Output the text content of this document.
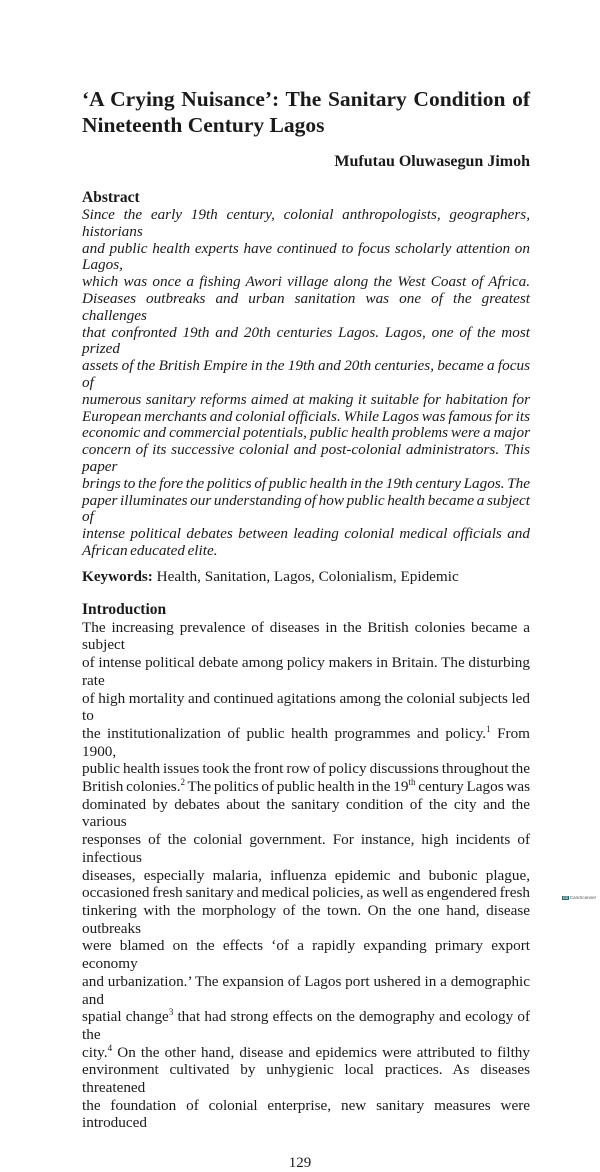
‘A Crying Nuisance’: The Sanitary Condition of
Nineteenth Century Lagos
Mufutau Oluwasegun Jimoh
Abstract
Since the early 19th century, colonial anthropologists, geographers, historians
and public health experts have continued to focus scholarly attention on Lagos,
which was once a fishing Awori village along the West Coast of Africa.
Diseases outbreaks and urban sanitation was one of the greatest challenges
that confronted 19th and 20th centuries Lagos. Lagos, one of the most prized
assets of the British Empire in the 19th and 20th centuries, became a focus of
numerous sanitary reforms aimed at making it suitable for habitation for
European merchants and colonial officials. While Lagos was famous for its
economic and commercial potentials, public health problems were a major
concern of its successive colonial and post-colonial administrators. This paper
brings to the fore the politics of public health in the 19th century Lagos. The
paper illuminates our understanding of how public health became a subject of
intense political debates between leading colonial medical officials and
African educated elite.
Keywords: Health, Sanitation, Lagos, Colonialism, Epidemic
Introduction
The increasing prevalence of diseases in the British colonies became a subject
of intense political debate among policy makers in Britain. The disturbing rate
of high mortality and continued agitations among the colonial subjects led to
the institutionalization of public health programmes and policy.$^1$ From 1900,
public health issues took the front row of policy discussions throughout the
British colonies.$^2$ The politics of public health in the 19th century Lagos was
dominated by debates about the sanitary condition of the city and the various
responses of the colonial government. For instance, high incidents of infectious
diseases, especially malaria, influenza epidemic and bubonic plague,
occasioned fresh sanitary and medical policies, as well as engendered fresh
tinkering with the morphology of the town. On the one hand, disease outbreaks
were blamed on the effects ‘of a rapidly expanding primary export economy
and urbanization.’ The expansion of Lagos port ushered in a demographic and
spatial change$^3$ that had strong effects on the demography and ecology of the
city.$^4$ On the other hand, disease and epidemics were attributed to filthy
environment cultivated by unhygienic local practices. As diseases threatened
the foundation of colonial enterprise, new sanitary measures were introduced
129
CS CamScanner
